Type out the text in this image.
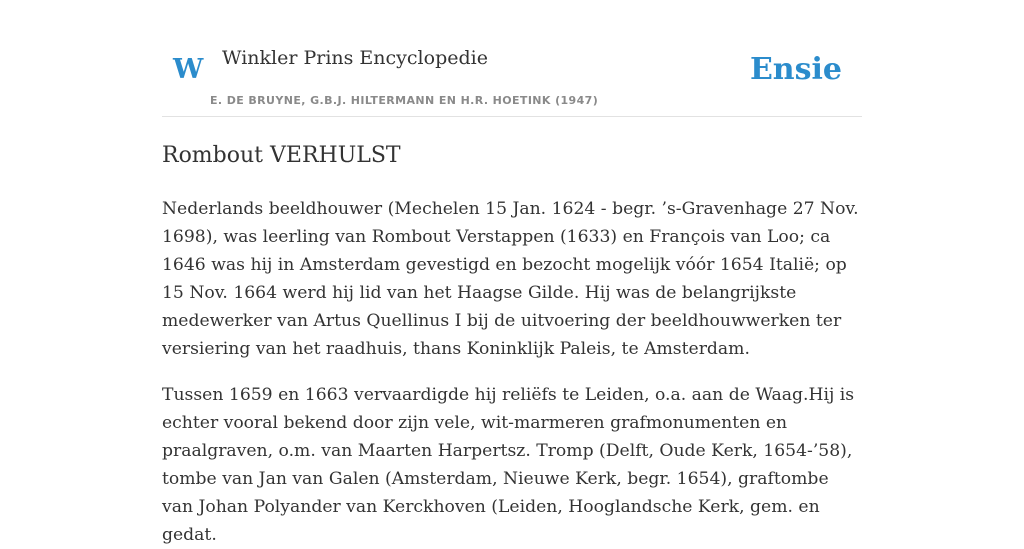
W Winkler Prins Encyclopedie
E. DE BRUYNE, G.B.J. HILTERMANN EN H.R. HOETINK (1947)
Ensie
Rombout VERHULST

Nederlands beeldhouwer (Mechelen 15 Jan. 1624 - begr. ’s-Gravenhage 27 Nov. 1698), was leerling van Rombout Verstappen (1633) en François van Loo; ca 1646 was hij in Amsterdam gevestigd en bezocht mogelijk vóór 1654 Italië; op 15 Nov. 1664 werd hij lid van het Haagse Gilde. Hij was de belangrijkste medewerker van Artus Quellinus I bij de uitvoering der beeldhouwwerken ter versiering van het raadhuis, thans Koninklijk Paleis, te Amsterdam.

Tussen 1659 en 1663 vervaardigde hij reliëfs te Leiden, o.a. aan de Waag.Hij is echter vooral bekend door zijn vele, wit-marmeren grafmonumenten en praalgraven, o.m. van Maarten Harpertsz. Tromp (Delft, Oude Kerk, 1654-’58), tombe van Jan van Galen (Amsterdam, Nieuwe Kerk, begr. 1654), graftombe van Johan Polyander van Kerckhoven (Leiden, Hooglandsche Kerk, gem. en gedat.
